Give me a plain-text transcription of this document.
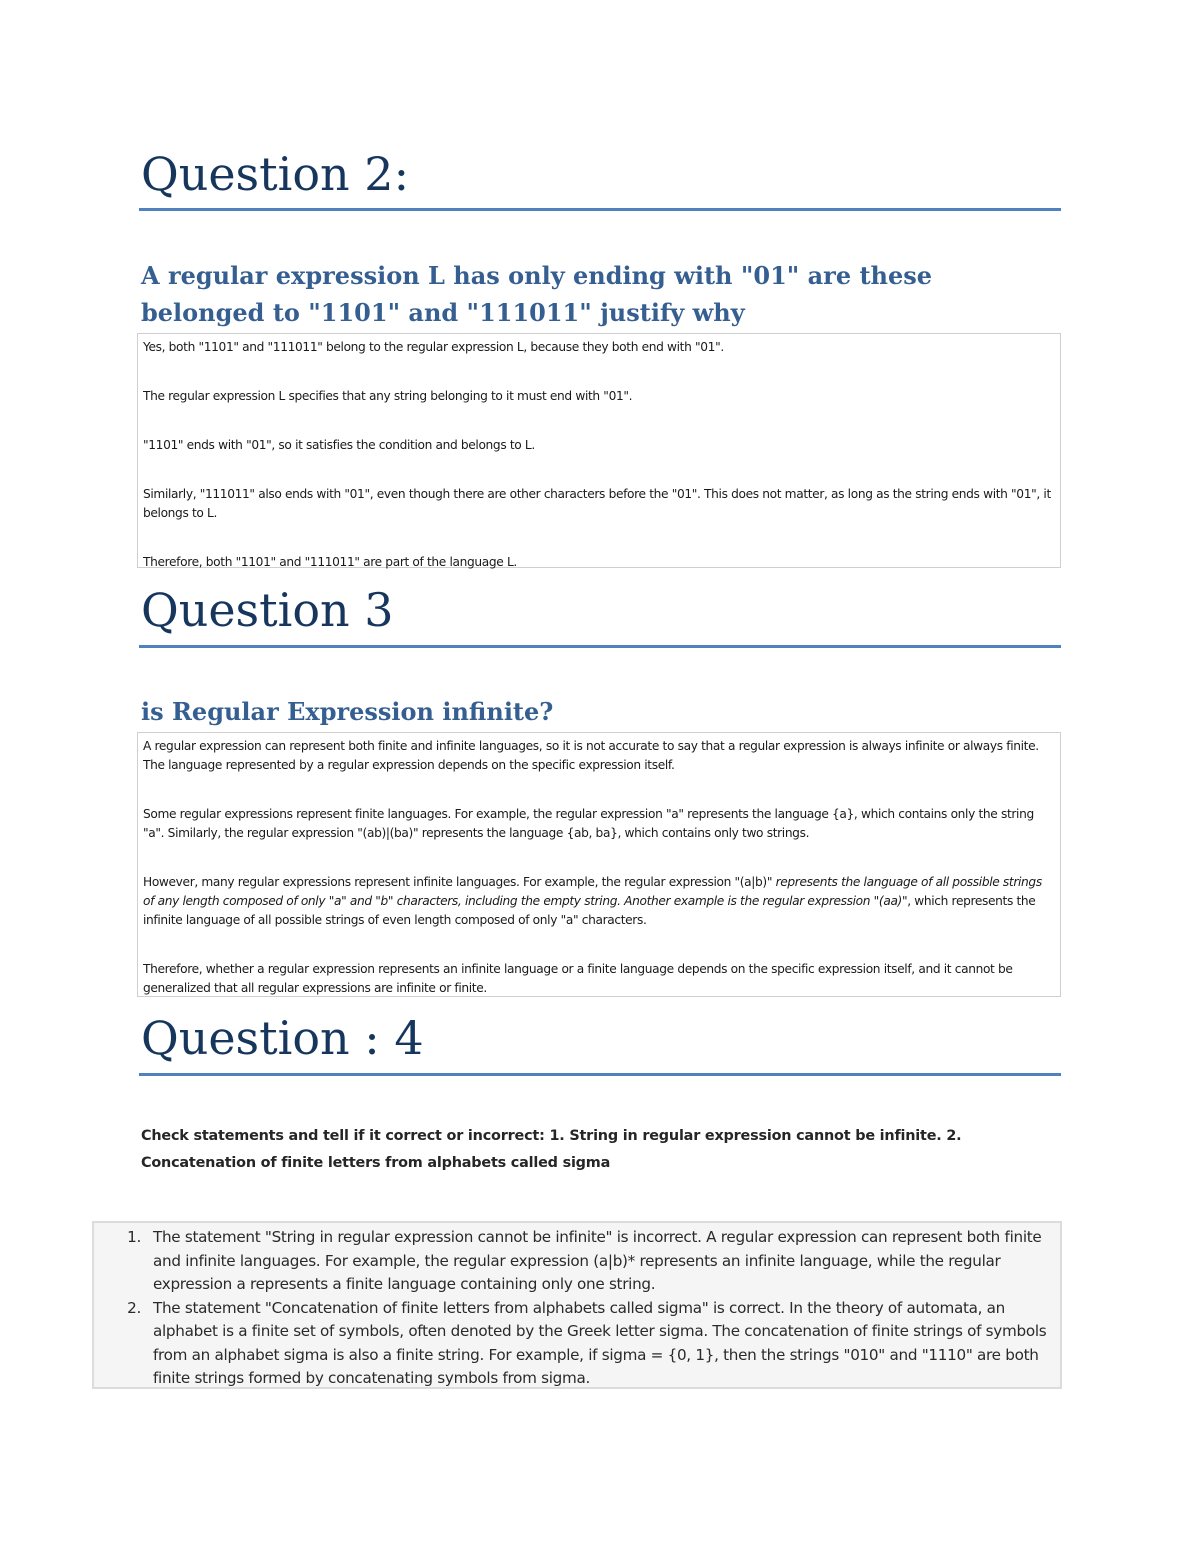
Question 2:
A regular expression L has only ending with "01" are these belonged to "1101" and "111011" justify why

Yes, both "1101" and "111011" belong to the regular expression L, because they both end with "01".

The regular expression L specifies that any string belonging to it must end with "01".

"1101" ends with "01", so it satisfies the condition and belongs to L.

Similarly, "111011" also ends with "01", even though there are other characters before the "01". This does not matter, as long as the string ends with "01", it belongs to L.

Therefore, both "1101" and "111011" are part of the language L.

Question 3
is Regular Expression infinite?

A regular expression can represent both finite and infinite languages, so it is not accurate to say that a regular expression is always infinite or always finite. The language represented by a regular expression depends on the specific expression itself.

Some regular expressions represent finite languages. For example, the regular expression "a" represents the language {a}, which contains only the string "a". Similarly, the regular expression "(ab)|(ba)" represents the language {ab, ba}, which contains only two strings.

However, many regular expressions represent infinite languages. For example, the regular expression "(a|b)" represents the language of all possible strings of any length composed of only "a" and "b" characters, including the empty string. Another example is the regular expression "(aa)", which represents the infinite language of all possible strings of even length composed of only "a" characters.

Therefore, whether a regular expression represents an infinite language or a finite language depends on the specific expression itself, and it cannot be generalized that all regular expressions are infinite or finite.

Question : 4

Check statements and tell if it correct or incorrect: 1. String in regular expression cannot be infinite. 2. Concatenation of finite letters from alphabets called sigma

1. The statement "String in regular expression cannot be infinite" is incorrect. A regular expression can represent both finite and infinite languages. For example, the regular expression (a|b)* represents an infinite language, while the regular expression a represents a finite language containing only one string.
2. The statement "Concatenation of finite letters from alphabets called sigma" is correct. In the theory of automata, an alphabet is a finite set of symbols, often denoted by the Greek letter sigma. The concatenation of finite strings of symbols from an alphabet sigma is also a finite string. For example, if sigma = {0, 1}, then the strings "010" and "1110" are both finite strings formed by concatenating symbols from sigma.
